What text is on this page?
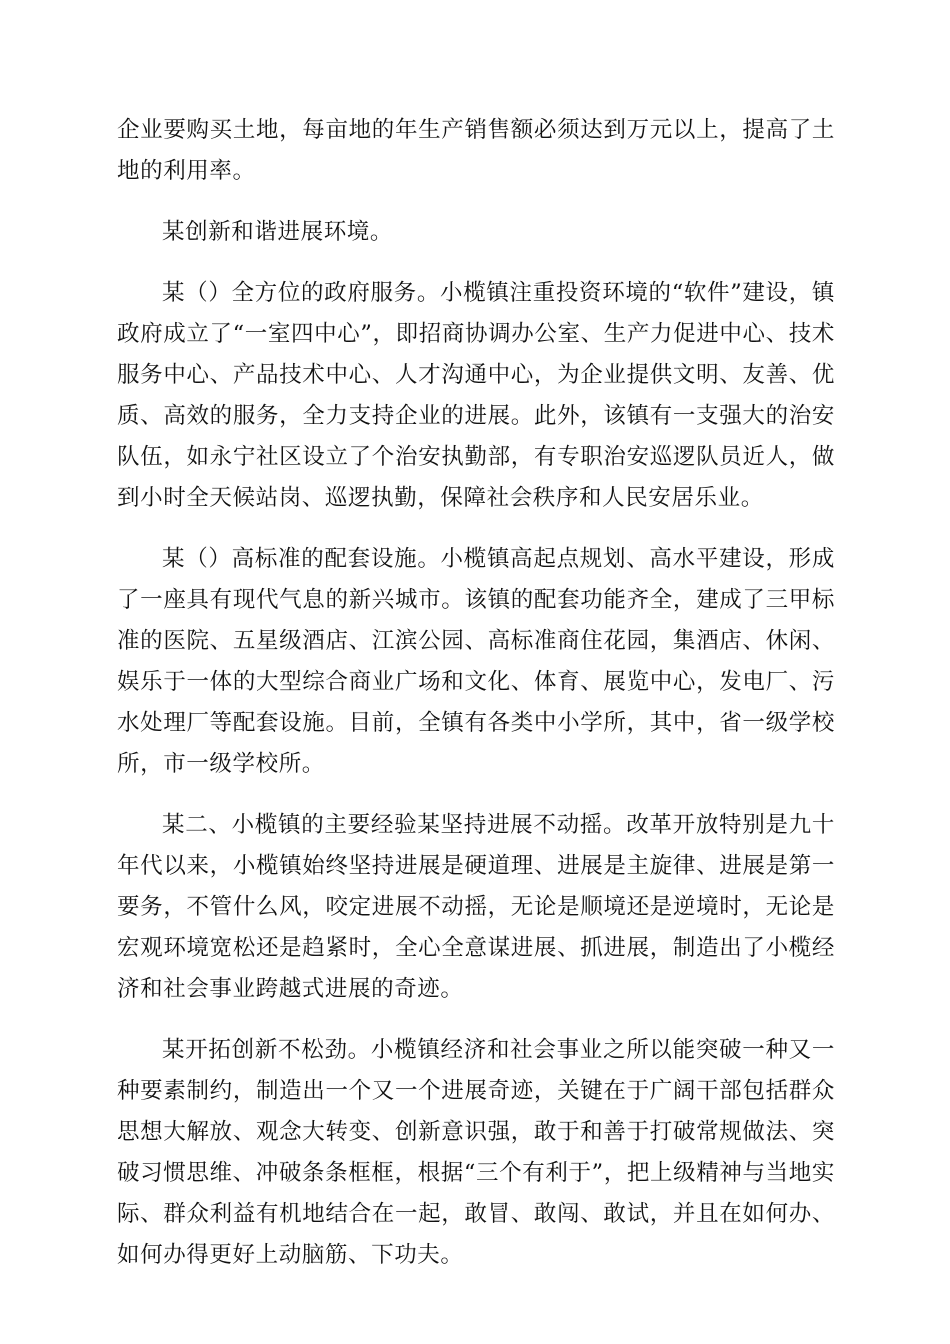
企业要购买土地，每亩地的年生产销售额必须达到万元以上，提高了土地的利用率。

某创新和谐进展环境。

某（）全方位的政府服务。小榄镇注重投资环境的“软件”建设，镇政府成立了“一室四中心”，即招商协调办公室、生产力促进中心、技术服务中心、产品技术中心、人才沟通中心，为企业提供文明、友善、优质、高效的服务，全力支持企业的进展。此外，该镇有一支强大的治安队伍，如永宁社区设立了个治安执勤部，有专职治安巡逻队员近人，做到小时全天候站岗、巡逻执勤，保障社会秩序和人民安居乐业。

某（）高标准的配套设施。小榄镇高起点规划、高水平建设，形成了一座具有现代气息的新兴城市。该镇的配套功能齐全，建成了三甲标准的医院、五星级酒店、江滨公园、高标准商住花园，集酒店、休闲、娱乐于一体的大型综合商业广场和文化、体育、展览中心，发电厂、污水处理厂等配套设施。目前，全镇有各类中小学所，其中，省一级学校所，市一级学校所。

某二、小榄镇的主要经验某坚持进展不动摇。改革开放特别是九十年代以来，小榄镇始终坚持进展是硬道理、进展是主旋律、进展是第一要务，不管什么风，咬定进展不动摇，无论是顺境还是逆境时，无论是宏观环境宽松还是趋紧时，全心全意谋进展、抓进展，制造出了小榄经济和社会事业跨越式进展的奇迹。

某开拓创新不松劲。小榄镇经济和社会事业之所以能突破一种又一种要素制约，制造出一个又一个进展奇迹，关键在于广阔干部包括群众思想大解放、观念大转变、创新意识强，敢于和善于打破常规做法、突破习惯思维、冲破条条框框，根据“三个有利于”，把上级精神与当地实际、群众利益有机地结合在一起，敢冒、敢闯、敢试，并且在如何办、如何办得更好上动脑筋、下功夫。
